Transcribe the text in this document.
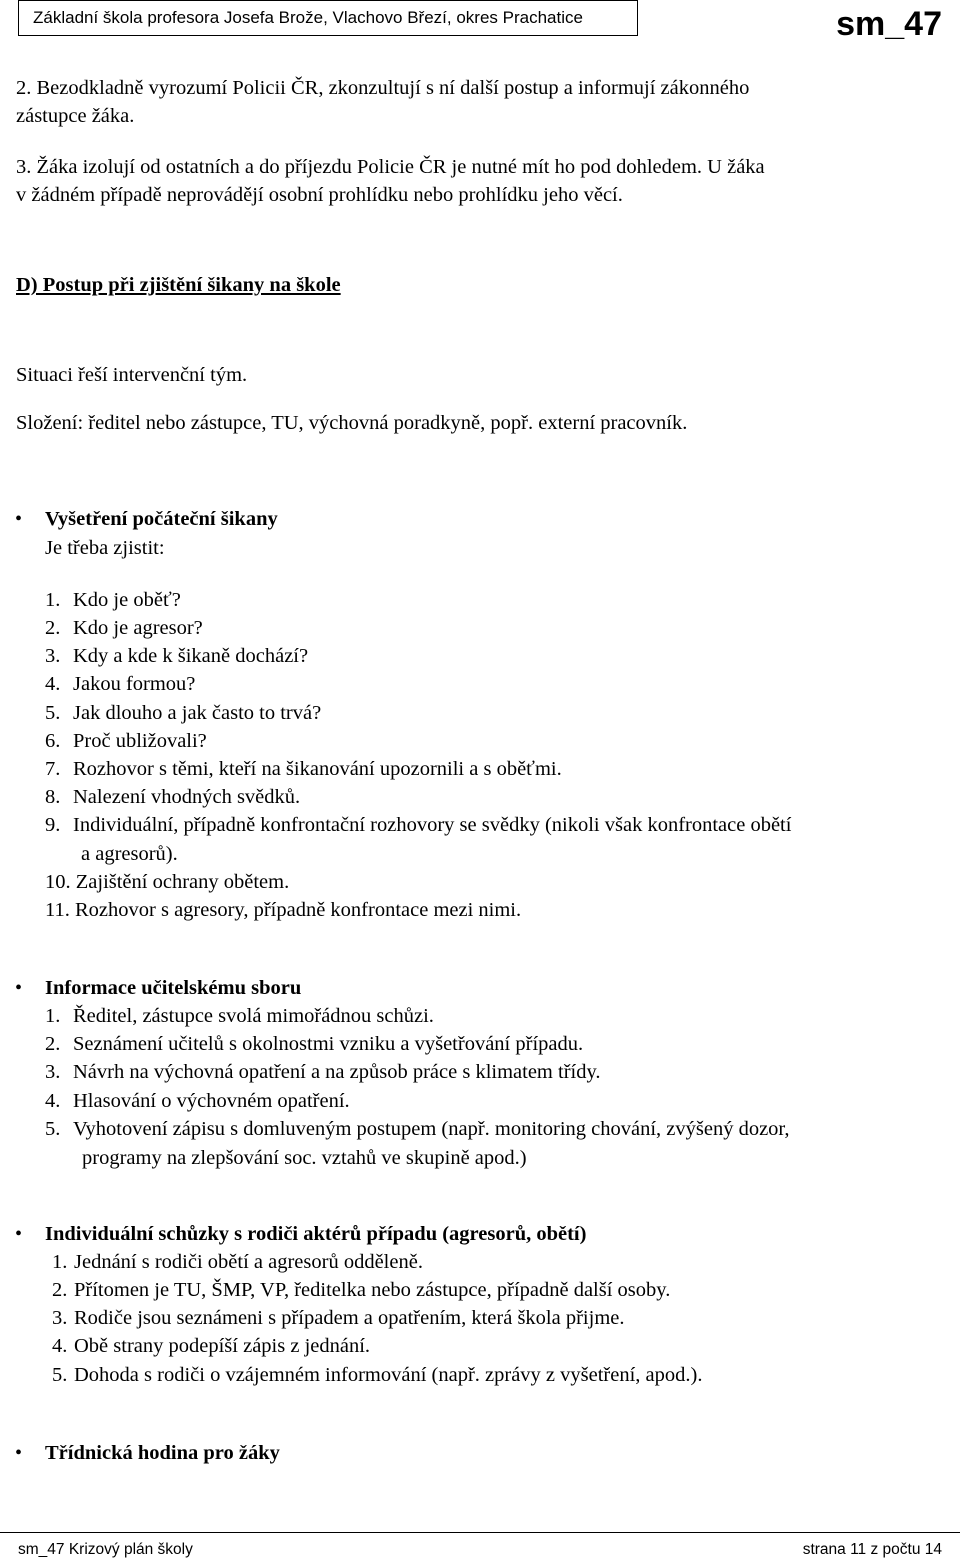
Základní škola profesora Josefa Brože, Vlachovo Březí, okres Prachatice	sm_47
2. Bezodkladně vyrozumí Policii ČR, zkonzultují s ní další postup a informují zákonného
zástupce žáka.
3. Žáka izolují od ostatních a do příjezdu Policie ČR je nutné mít ho pod dohledem. U žáka
v žádném případě neprovádějí osobní prohlídku nebo prohlídku jeho věcí.
D) Postup při zjištění šikany na škole
Situaci řeší intervenční tým.
Složení: ředitel nebo zástupce, TU, výchovná poradkyně, popř. externí pracovník.
• Vyšetření počáteční šikany
Je třeba zjistit:
1. Kdo je oběť?
2. Kdo je agresor?
3. Kdy a kde k šikaně dochází?
4. Jakou formou?
5. Jak dlouho a jak často to trvá?
6. Proč ubližovali?
7. Rozhovor s těmi, kteří na šikanování upozornili a s oběťmi.
8. Nalezení vhodných svědků.
9. Individuální, případně konfrontační rozhovory se svědky (nikoli však konfrontace obětí
a agresorů).
10. Zajištění ochrany obětem.
11. Rozhovor s agresory, případně konfrontace mezi nimi.
• Informace učitelskému sboru
1. Ředitel, zástupce svolá mimořádnou schůzi.
2. Seznámení učitelů s okolnostmi vzniku a vyšetřování případu.
3. Návrh na výchovná opatření a na způsob práce s klimatem třídy.
4. Hlasování o výchovném opatření.
5. Vyhotovení zápisu s domluveným postupem (např. monitoring chování, zvýšený dozor,
programy na zlepšování soc. vztahů ve skupině apod.)
• Individuální schůzky s rodiči aktérů případu (agresorů, obětí)
1. Jednání s rodiči obětí a agresorů odděleně.
2. Přítomen je TU, ŠMP, VP, ředitelka nebo zástupce, případně další osoby.
3. Rodiče jsou seznámeni s případem a opatřením, která škola přijme.
4. Obě strany podepíší zápis z jednání.
5. Dohoda s rodiči o vzájemném informování (např. zprávy z vyšetření, apod.).
• Třídnická hodina pro žáky
sm_47 Krizový plán školy	strana 11 z počtu 14
